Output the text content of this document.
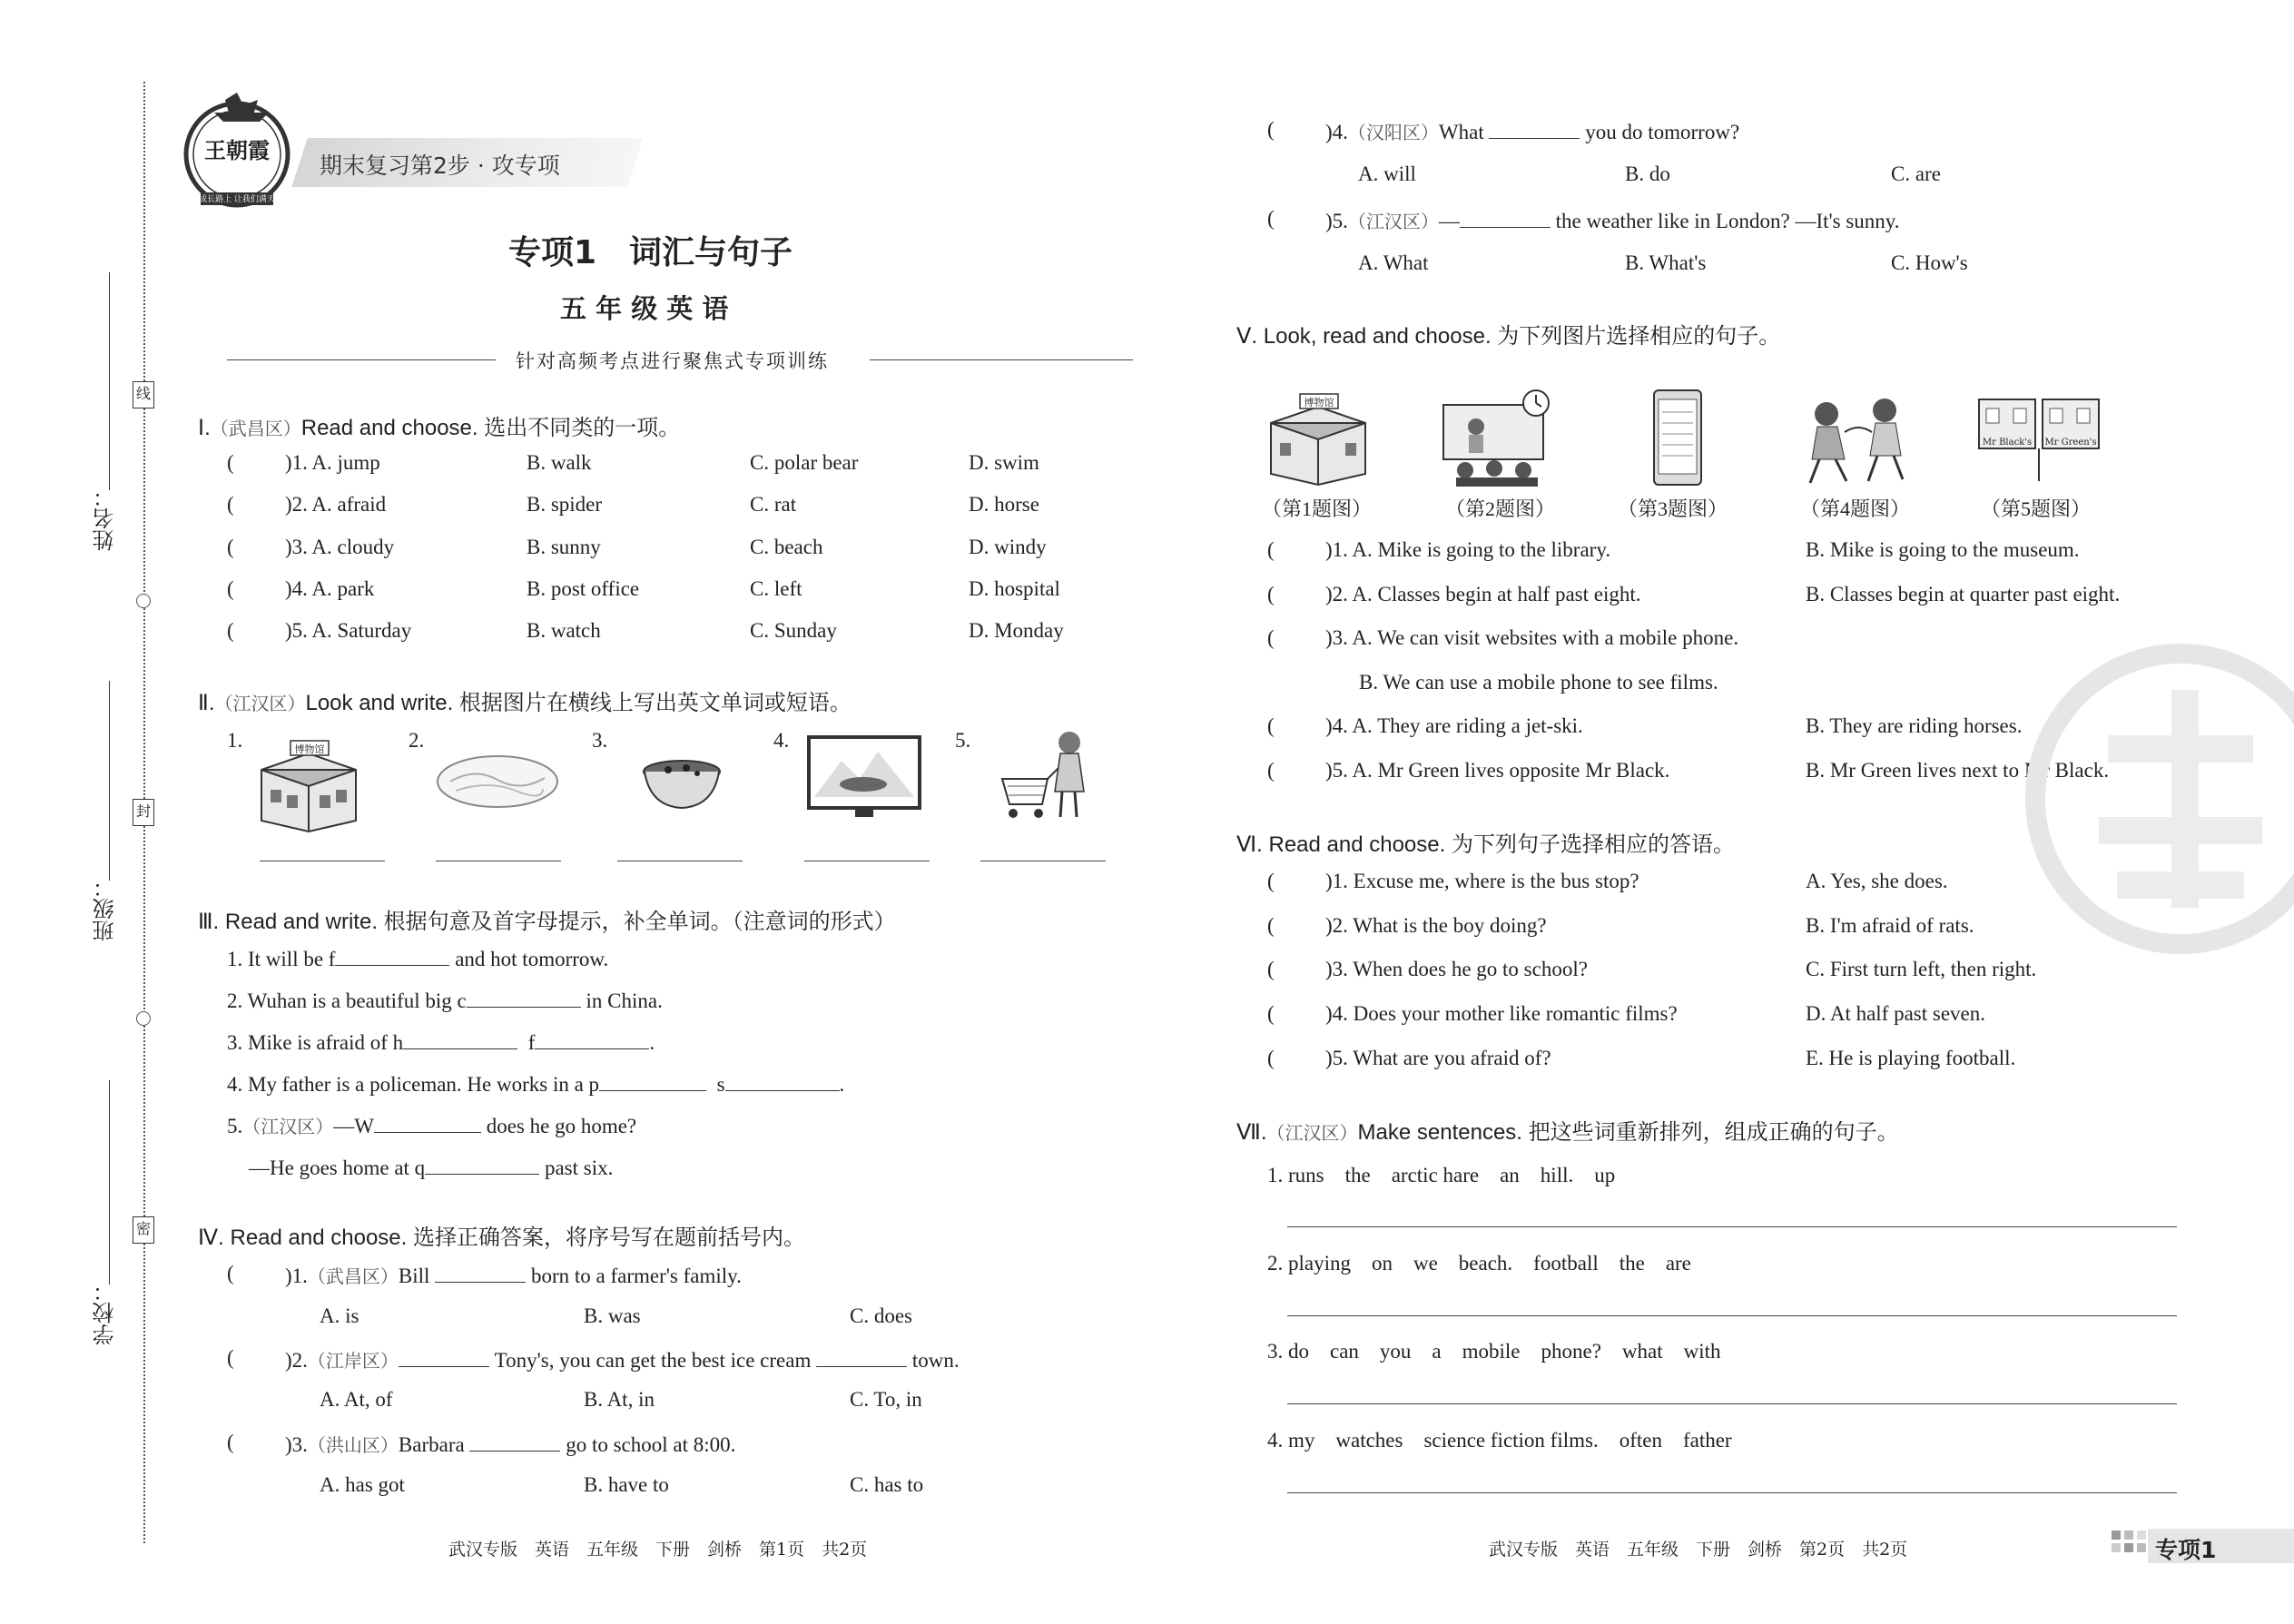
线
封
密
姓名：
班级：
学校：
王朝霞
成长路上 让我们满天
期末复习第2步 · 攻专项
专项1　词汇与句子
五 年 级 英 语
针对高频考点进行聚焦式专项训练
Ⅰ.（武昌区）Read and choose. 选出不同类的一项。
( )1. A. jump	B. walk	C. polar bear	D. swim
( )2. A. afraid	B. spider	C. rat	D. horse
( )3. A. cloudy	B. sunny	C. beach	D. windy
( )4. A. park	B. post office	C. left	D. hospital
( )5. A. Saturday	B. watch	C. Sunday	D. Monday
Ⅱ.（江汉区）Look and write. 根据图片在横线上写出英文单词或短语。
1.	2.	3.	4.	5.
博物馆
Ⅲ. Read and write. 根据句意及首字母提示，补全单词。（注意词的形式）
1. It will be f	and hot tomorrow.
2. Wuhan is a beautiful big c	in China.
3. Mike is afraid of h	f	.
4. My father is a policeman. He works in a p	s	.
5.（江汉区）—W	does he go home?
—He goes home at q	past six.
Ⅳ. Read and choose. 选择正确答案，将序号写在题前括号内。
( )1.（武昌区）Bill	born to a farmer's family.
A. is	B. was	C. does
( )2.（江岸区）	Tony's, you can get the best ice cream	town.
A. At, of	B. At, in	C. To, in
( )3.（洪山区）Barbara	go to school at 8:00.
A. has got	B. have to	C. has to
( )4.（汉阳区）What	you do tomorrow?
A. will	B. do	C. are
( )5.（江汉区）—	the weather like in London? —It's sunny.
A. What	B. What's	C. How's
Ⅴ. Look, read and choose. 为下列图片选择相应的句子。
博物馆
Mr Black's Mr Green's
（第1题图）	（第2题图）	（第3题图）	（第4题图）	（第5题图）
( )1. A. Mike is going to the library.	B. Mike is going to the museum.
( )2. A. Classes begin at half past eight.	B. Classes begin at quarter past eight.
( )3. A. We can visit websites with a mobile phone.
B. We can use a mobile phone to see films.
( )4. A. They are riding a jet-ski.	B. They are riding horses.
( )5. A. Mr Green lives opposite Mr Black.	B. Mr Green lives next to Mr Black.
Ⅵ. Read and choose. 为下列句子选择相应的答语。
( )1. Excuse me, where is the bus stop?	A. Yes, she does.
( )2. What is the boy doing?	B. I'm afraid of rats.
( )3. When does he go to school?	C. First turn left, then right.
( )4. Does your mother like romantic films?	D. At half past seven.
( )5. What are you afraid of?	E. He is playing football.
Ⅶ.（江汉区）Make sentences. 把这些词重新排列，组成正确的句子。
1. runs　the　arctic hare　an　hill.　up
2. playing　on　we　beach.　football　the　are
3. do　can　you　a　mobile　phone?　what　with
4. my　watches　science fiction films.　often　father
武汉专版　英语　五年级　下册　剑桥　第1页　共2页	武汉专版　英语　五年级　下册　剑桥　第2页　共2页	专项1
